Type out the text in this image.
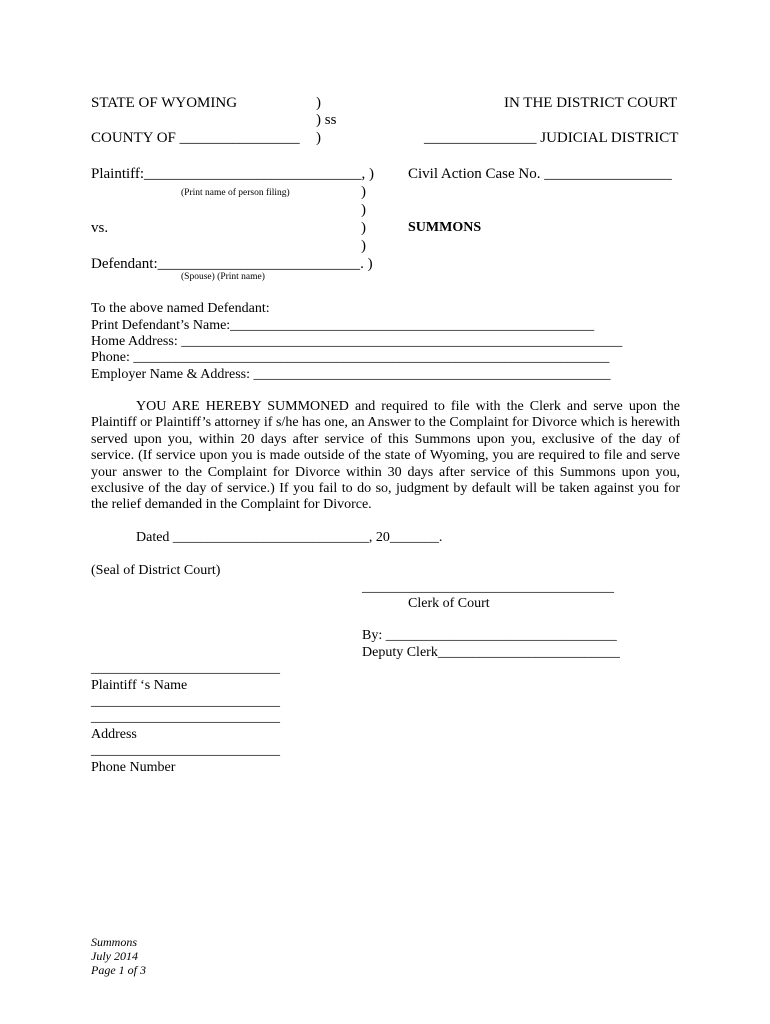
STATE OF WYOMING	)
) ss
COUNTY OF ________________ )
IN THE DISTRICT COURT
_______________ JUDICIAL DISTRICT
Plaintiff:_____________________________, )
(Print name of person filing)	)
)
vs.	)
)
Defendant:___________________________. )
(Spouse) (Print name)
Civil Action Case No. _________________
SUMMONS
To the above named Defendant:
Print Defendant’s Name:____________________________________________________
Home Address: _______________________________________________________________
Phone: ____________________________________________________________________
Employer Name & Address: ___________________________________________________
YOU ARE HEREBY SUMMONED and required to file with the Clerk and serve upon the Plaintiff or Plaintiff’s attorney if s/he has one, an Answer to the Complaint for Divorce which is herewith served upon you, within 20 days after service of this Summons upon you, exclusive of the day of service. (If service upon you is made outside of the state of Wyoming, you are required to file and serve your answer to the Complaint for Divorce within 30 days after service of this Summons upon you, exclusive of the day of service.) If you fail to do so, judgment by default will be taken against you for the relief demanded in the Complaint for Divorce.
Dated ____________________________, 20_______.
(Seal of District Court)
____________________________________
Clerk of Court
By: _________________________________
Deputy Clerk__________________________
___________________________
Plaintiff ‘s Name
___________________________
___________________________
Address
___________________________
Phone Number
Summons
July 2014
Page 1 of 3
